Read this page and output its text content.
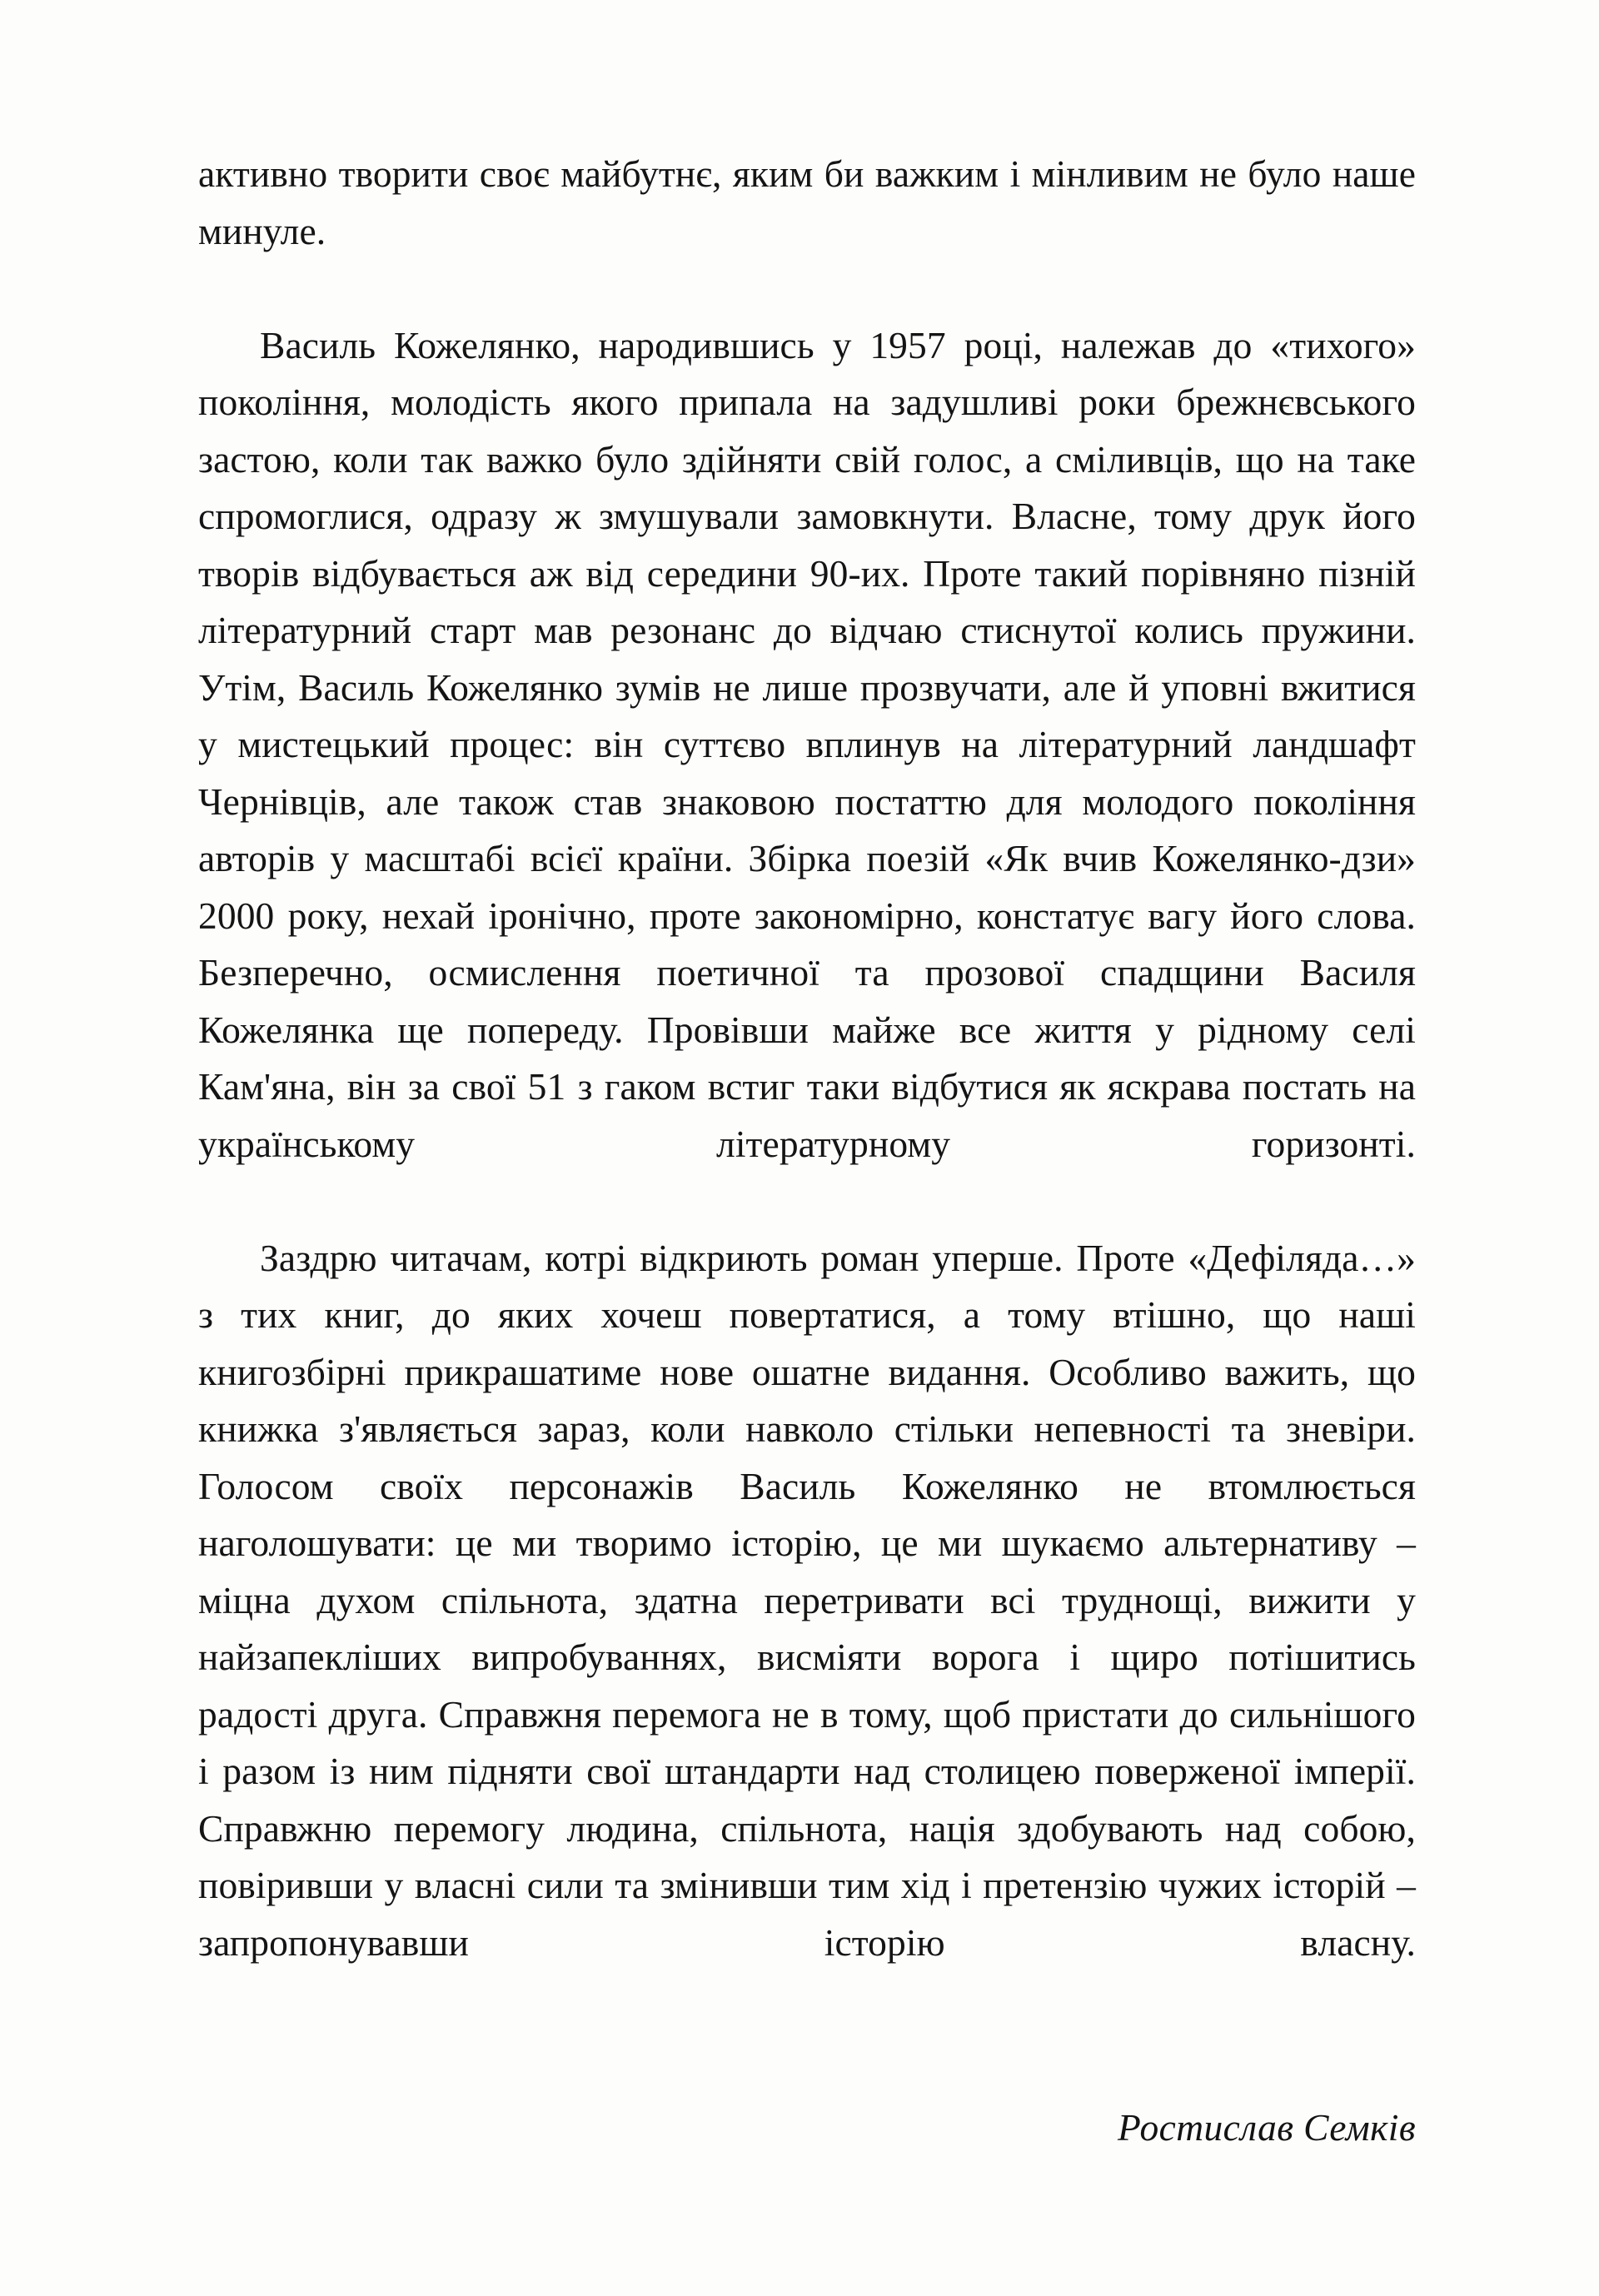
активно творити своє майбутнє, яким би важким і мінливим не було наше минуле.

Василь Кожелянко, народившись у 1957 році, належав до «тихого» покоління, молодість якого припала на задушливі роки брежнєвського застою, коли так важко було здійняти свій голос, а сміливців, що на таке спромоглися, одразу ж змушували замовкнути. Власне, тому друк його творів відбувається аж від середини 90-их. Проте такий порівняно пізній літературний старт мав резонанс до відчаю стиснутої колись пружини. Утім, Василь Кожелянко зумів не лише прозвучати, але й уповні вжитися у мистецький процес: він суттєво вплинув на літературний ландшафт Чернівців, але також став знаковою постаттю для молодого покоління авторів у масштабі всієї країни. Збірка поезій «Як вчив Кожелянко-дзи» 2000 року, нехай іронічно, проте закономірно, констатує вагу його слова. Безперечно, осмислення поетичної та прозової спадщини Василя Кожелянка ще попереду. Провівши майже все життя у рідному селі Кам'яна, він за свої 51 з гаком встиг таки відбутися як яскрава постать на українському літературному горизонті.

Заздрю читачам, котрі відкриють роман уперше. Проте «Дефіляда…» з тих книг, до яких хочеш повертатися, а тому втішно, що наші книгозбірні прикрашатиме нове ошатне видання. Особливо важить, що книжка з'являється зараз, коли навколо стільки непевності та зневіри. Голосом своїх персонажів Василь Кожелянко не втомлюється наголошувати: це ми творимо історію, це ми шукаємо альтернативу – міцна духом спільнота, здатна перетривати всі труднощі, вижити у найзапекліших випробуваннях, висміяти ворога і щиро потішитись радості друга. Справжня перемога не в тому, щоб пристати до сильнішого і разом із ним підняти свої штандарти над столицею поверженої імперії. Справжню перемогу людина, спільнота, нація здобувають над собою, повіривши у власні сили та змінивши тим хід і претензію чужих історій – запропонувавши історію власну.

Ростислав Семків
